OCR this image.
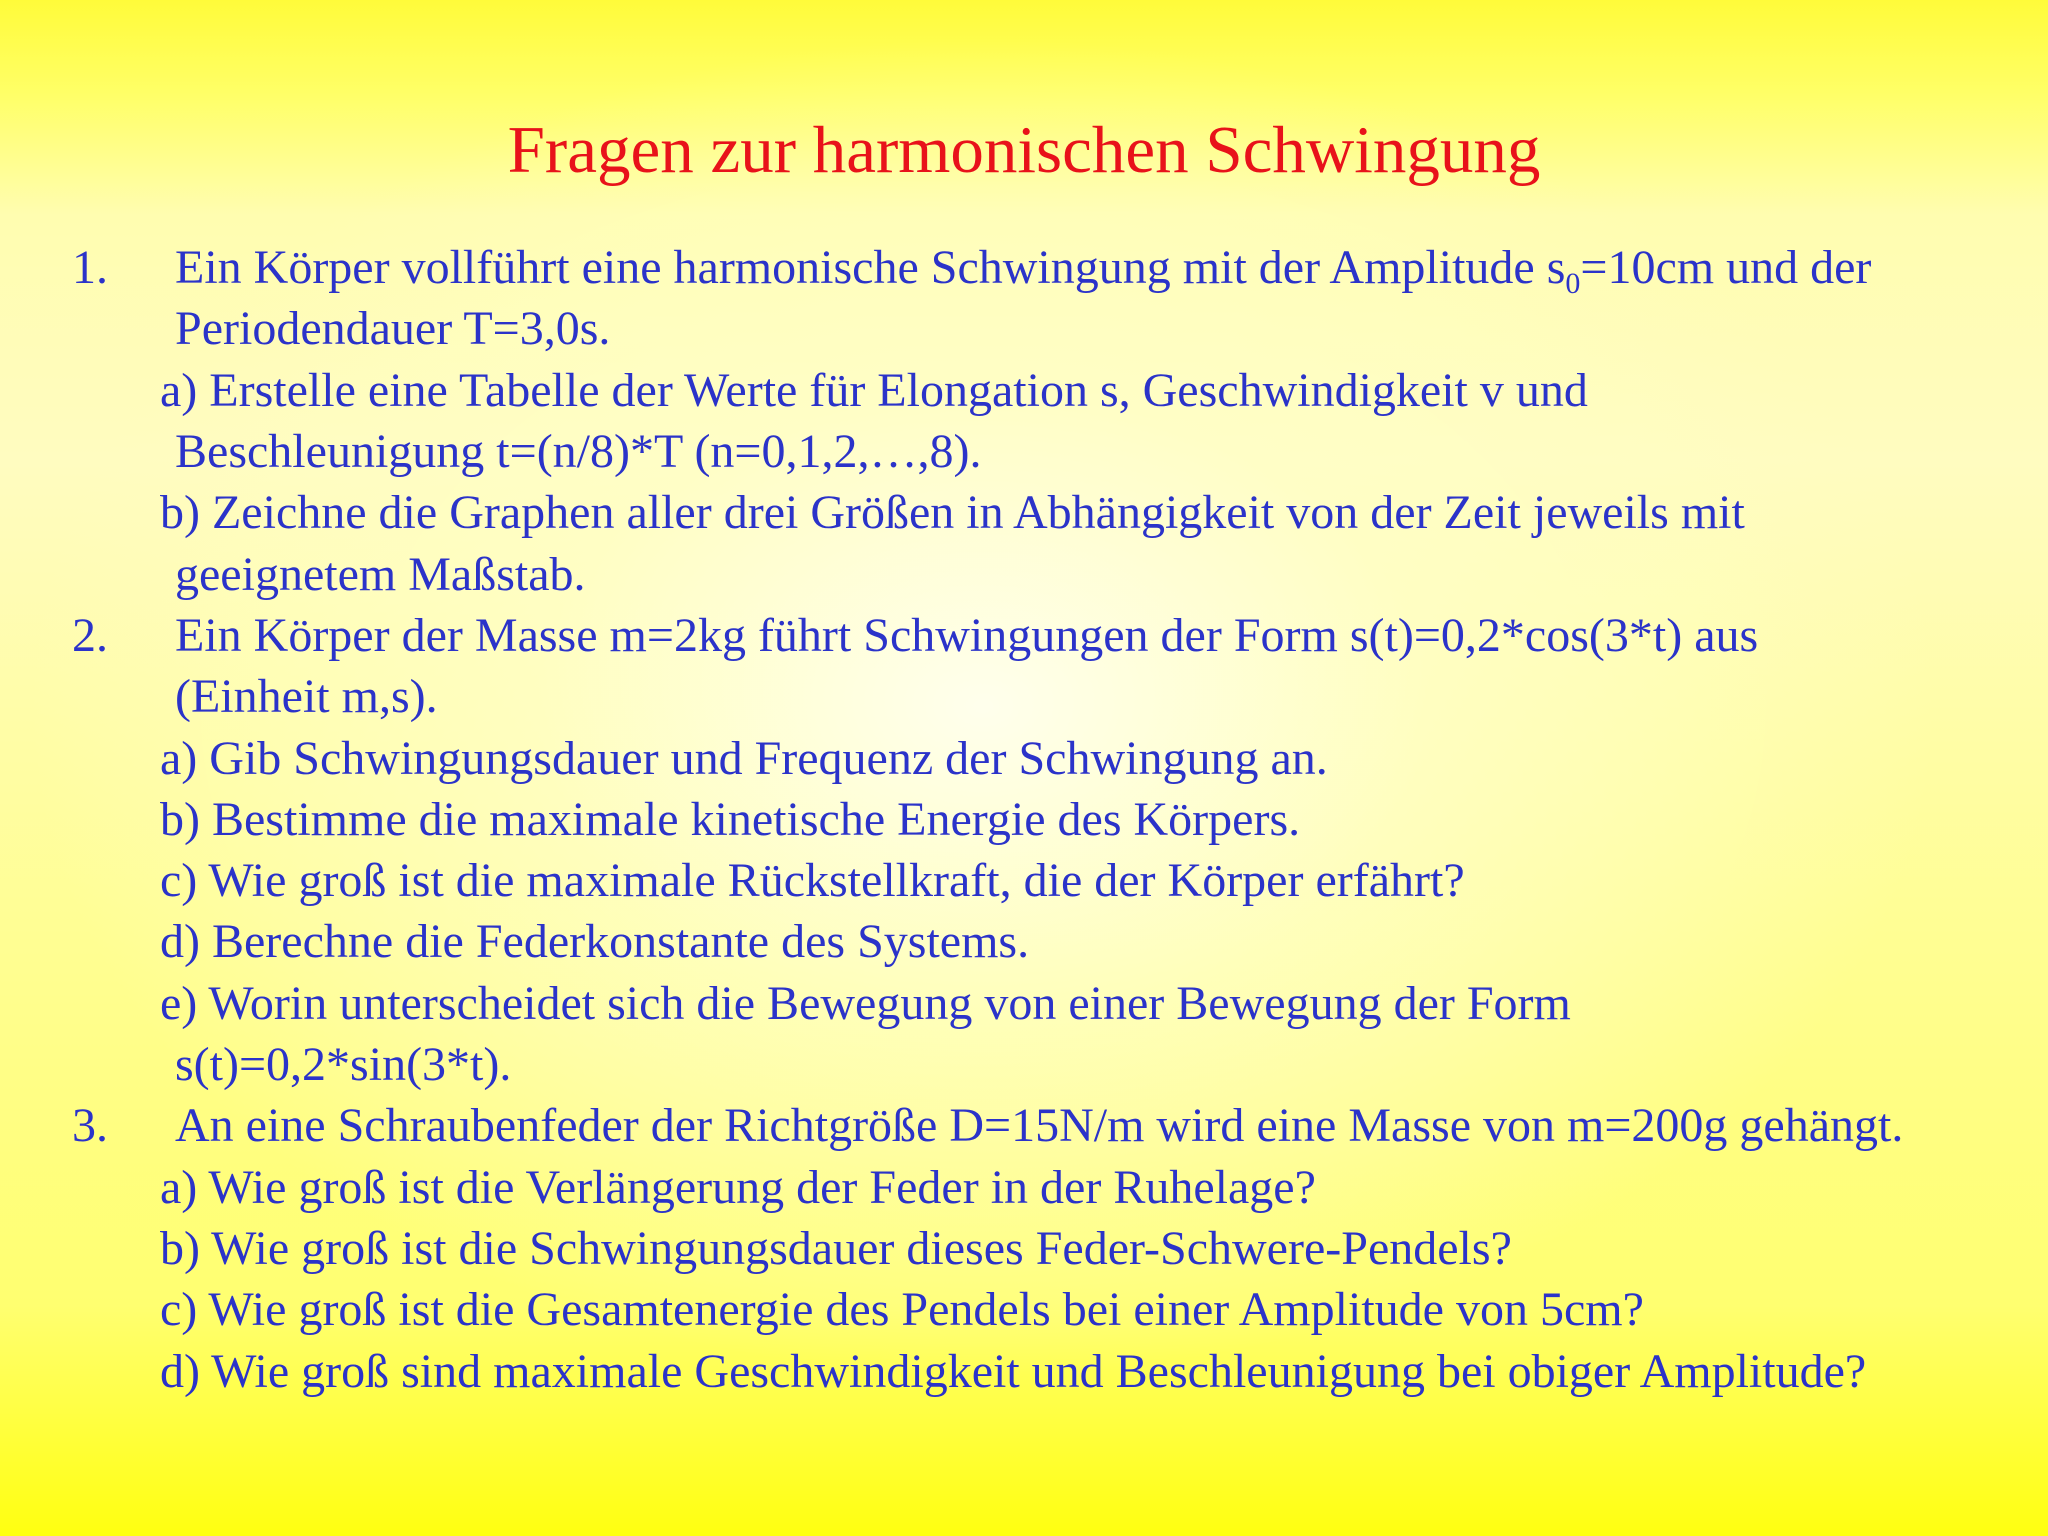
Fragen zur harmonischen Schwingung
1. Ein Körper vollführt eine harmonische Schwingung mit der Amplitude $s_0=10cm$ und der
Periodendauer T=3,0s.
a) Erstelle eine Tabelle der Werte für Elongation s, Geschwindigkeit v und
Beschleunigung t=(n/8)*T (n=0,1,2,…,8).
b) Zeichne die Graphen aller drei Größen in Abhängigkeit von der Zeit jeweils mit
geeignetem Maßstab.
2. Ein Körper der Masse m=2kg führt Schwingungen der Form s(t)=0,2*cos(3*t) aus
(Einheit m,s).
a) Gib Schwingungsdauer und Frequenz der Schwingung an.
b) Bestimme die maximale kinetische Energie des Körpers.
c) Wie groß ist die maximale Rückstellkraft, die der Körper erfährt?
d) Berechne die Federkonstante des Systems.
e) Worin unterscheidet sich die Bewegung von einer Bewegung der Form
s(t)=0,2*sin(3*t).
3. An eine Schraubenfeder der Richtgröße D=15N/m wird eine Masse von m=200g gehängt.
a) Wie groß ist die Verlängerung der Feder in der Ruhelage?
b) Wie groß ist die Schwingungsdauer dieses Feder-Schwere-Pendels?
c) Wie groß ist die Gesamtenergie des Pendels bei einer Amplitude von 5cm?
d) Wie groß sind maximale Geschwindigkeit und Beschleunigung bei obiger Amplitude?
